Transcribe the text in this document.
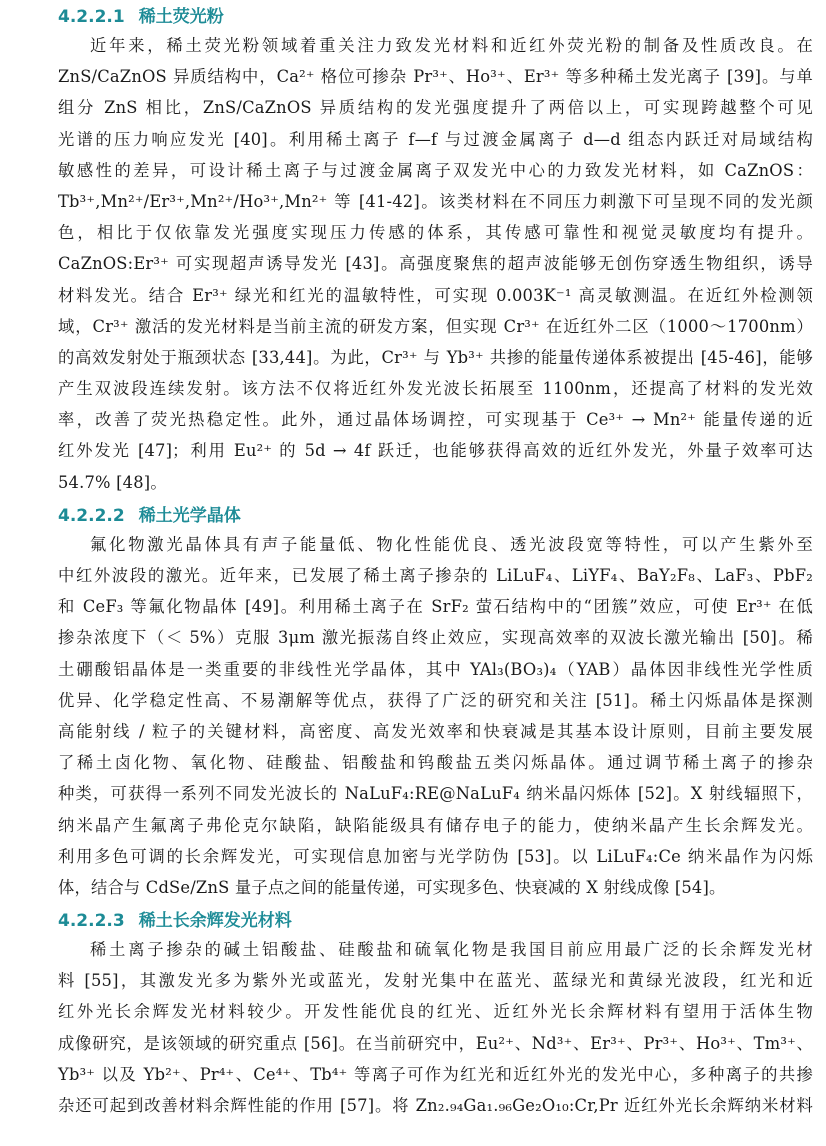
4.2.2.1 稀土荧光粉
近年来，稀土荧光粉领域着重关注力致发光材料和近红外荧光粉的制备及性质改良。在
ZnS/CaZnOS 异质结构中，Ca²⁺ 格位可掺杂 Pr³⁺、Ho³⁺、Er³⁺ 等多种稀土发光离子 [39]。与单
组分 ZnS 相比，ZnS/CaZnOS 异质结构的发光强度提升了两倍以上，可实现跨越整个可见
光谱的压力响应发光 [40]。利用稀土离子 f—f 与过渡金属离子 d—d 组态内跃迁对局域结构
敏感性的差异，可设计稀土离子与过渡金属离子双发光中心的力致发光材料，如 CaZnOS：
Tb³⁺,Mn²⁺/Er³⁺,Mn²⁺/Ho³⁺,Mn²⁺ 等 [41-42]。该类材料在不同压力刺激下可呈现不同的发光颜
色，相比于仅依靠发光强度实现压力传感的体系，其传感可靠性和视觉灵敏度均有提升。
CaZnOS:Er³⁺ 可实现超声诱导发光 [43]。高强度聚焦的超声波能够无创伤穿透生物组织，诱导
材料发光。结合 Er³⁺ 绿光和红光的温敏特性，可实现 0.003K⁻¹ 高灵敏测温。在近红外检测领
域，Cr³⁺ 激活的发光材料是当前主流的研发方案，但实现 Cr³⁺ 在近红外二区（1000～1700nm）
的高效发射处于瓶颈状态 [33,44]。为此，Cr³⁺ 与 Yb³⁺ 共掺的能量传递体系被提出 [45-46]，能够
产生双波段连续发射。该方法不仅将近红外发光波长拓展至 1100nm，还提高了材料的发光效
率，改善了荧光热稳定性。此外，通过晶体场调控，可实现基于 Ce³⁺ → Mn²⁺ 能量传递的近
红外发光 [47]；利用 Eu²⁺ 的 5d → 4f 跃迁，也能够获得高效的近红外发光，外量子效率可达
54.7% [48]。
4.2.2.2 稀土光学晶体
氟化物激光晶体具有声子能量低、物化性能优良、透光波段宽等特性，可以产生紫外至
中红外波段的激光。近年来，已发展了稀土离子掺杂的 LiLuF₄、LiYF₄、BaY₂F₈、LaF₃、PbF₂
和 CeF₃ 等氟化物晶体 [49]。利用稀土离子在 SrF₂ 萤石结构中的“团簇”效应，可使 Er³⁺ 在低
掺杂浓度下（＜ 5%）克服 3μm 激光振荡自终止效应，实现高效率的双波长激光输出 [50]。稀
土硼酸铝晶体是一类重要的非线性光学晶体，其中 YAl₃(BO₃)₄（YAB）晶体因非线性光学性质
优异、化学稳定性高、不易潮解等优点，获得了广泛的研究和关注 [51]。稀土闪烁晶体是探测
高能射线 / 粒子的关键材料，高密度、高发光效率和快衰减是其基本设计原则，目前主要发展
了稀土卤化物、氧化物、硅酸盐、铝酸盐和钨酸盐五类闪烁晶体。通过调节稀土离子的掺杂
种类，可获得一系列不同发光波长的 NaLuF₄:RE@NaLuF₄ 纳米晶闪烁体 [52]。X 射线辐照下，
纳米晶产生氟离子弗伦克尔缺陷，缺陷能级具有储存电子的能力，使纳米晶产生长余辉发光。
利用多色可调的长余辉发光，可实现信息加密与光学防伪 [53]。以 LiLuF₄:Ce 纳米晶作为闪烁
体，结合与 CdSe/ZnS 量子点之间的能量传递，可实现多色、快衰减的 X 射线成像 [54]。
4.2.2.3 稀土长余辉发光材料
稀土离子掺杂的碱土铝酸盐、硅酸盐和硫氧化物是我国目前应用最广泛的长余辉发光材
料 [55]，其激发光多为紫外光或蓝光，发射光集中在蓝光、蓝绿光和黄绿光波段，红光和近
红外光长余辉发光材料较少。开发性能优良的红光、近红外光长余辉材料有望用于活体生物
成像研究，是该领域的研究重点 [56]。在当前研究中，Eu²⁺、Nd³⁺、Er³⁺、Pr³⁺、Ho³⁺、Tm³⁺、
Yb³⁺ 以及 Yb²⁺、Pr⁴⁺、Ce⁴⁺、Tb⁴⁺ 等离子可作为红光和近红外光的发光中心，多种离子的共掺
杂还可起到改善材料余辉性能的作用 [57]。将 Zn₂.₉₄Ga₁.₉₆Ge₂O₁₀:Cr,Pr 近红外光长余辉纳米材料
